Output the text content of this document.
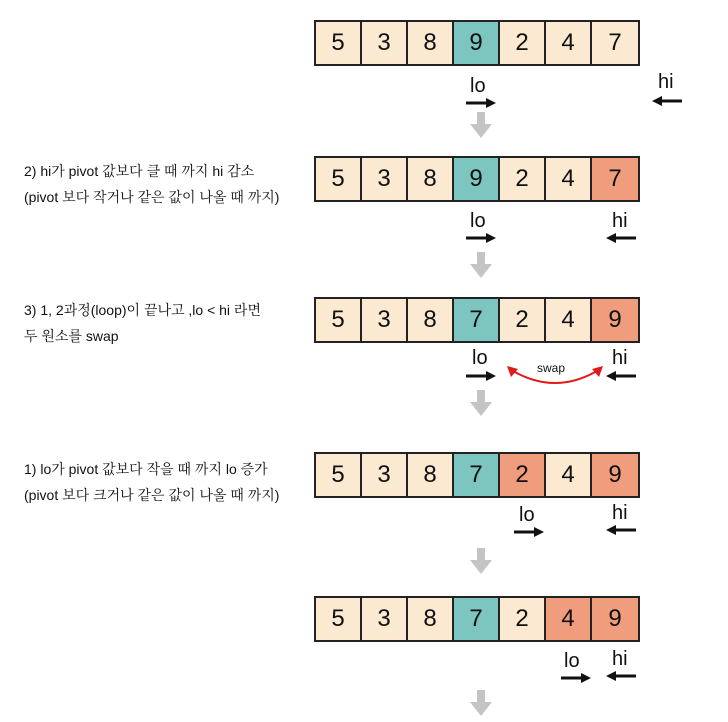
5	3	8	9	2	4	7
lo	hi
2) hi가 pivot 값보다 클 때 까지 hi 감소
(pivot 보다 작거나 같은 값이 나올 때 까지)
5	3	8	9	2	4	7
lo	hi
3) 1, 2과정(loop)이 끝나고 ,lo < hi 라면
두 원소를 swap
5	3	8	7	2	4	9
lo	swap hi
1) lo가 pivot 값보다 작을 때 까지 lo 증가
(pivot 보다 크거나 같은 값이 나올 때 까지)
5	3	8	7	2	4	9
lo	hi
5	3	8	7	2	4	9
lo hi
